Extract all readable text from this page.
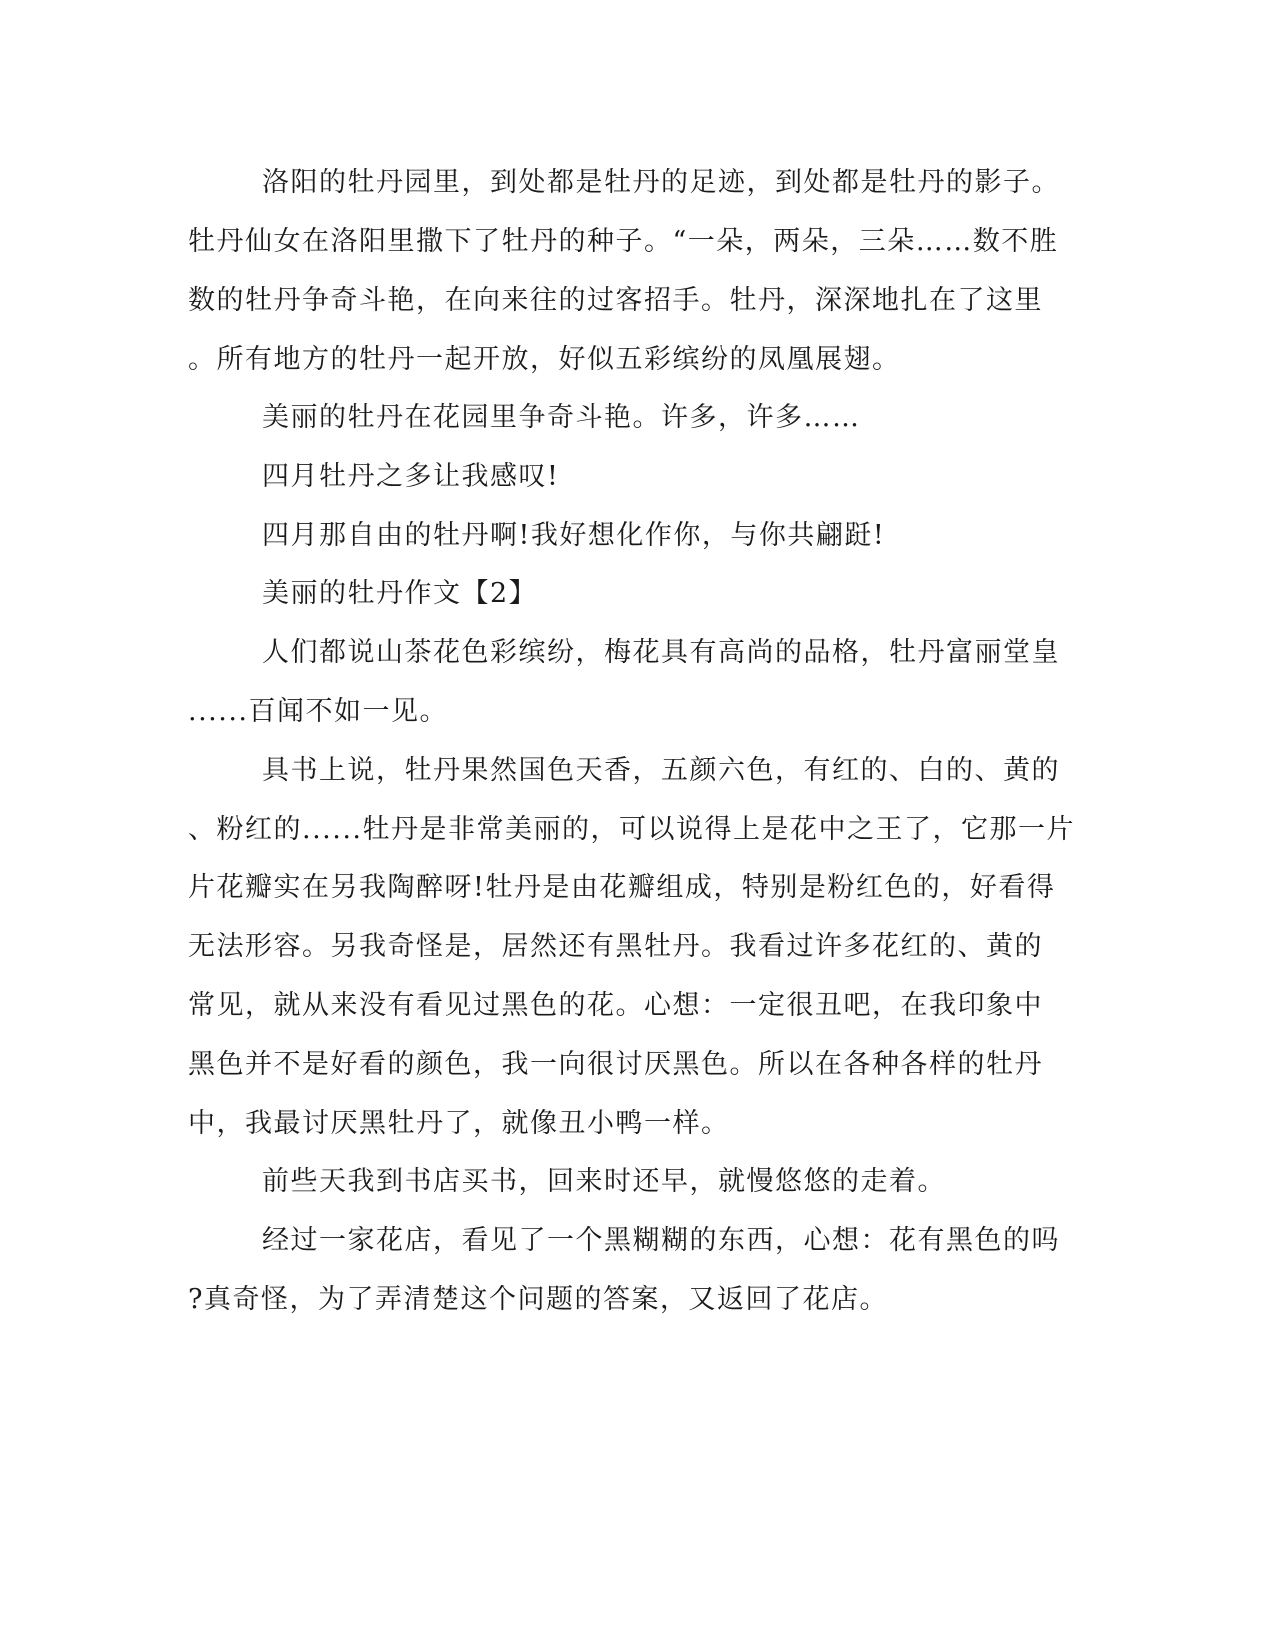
洛阳的牡丹园里，到处都是牡丹的足迹，到处都是牡丹的影子。
牡丹仙女在洛阳里撒下了牡丹的种子。“一朵，两朵，三朵……数不胜
数的牡丹争奇斗艳，在向来往的过客招手。牡丹，深深地扎在了这里
。所有地方的牡丹一起开放，好似五彩缤纷的凤凰展翅。
美丽的牡丹在花园里争奇斗艳。许多，许多……
四月牡丹之多让我感叹!
四月那自由的牡丹啊!我好想化作你，与你共翩跹!
美丽的牡丹作文【2】
人们都说山茶花色彩缤纷，梅花具有高尚的品格，牡丹富丽堂皇
......百闻不如一见。
具书上说，牡丹果然国色天香，五颜六色，有红的、白的、黄的
、粉红的......牡丹是非常美丽的，可以说得上是花中之王了，它那一片
片花瓣实在另我陶醉呀!牡丹是由花瓣组成，特别是粉红色的，好看得
无法形容。另我奇怪是，居然还有黑牡丹。我看过许多花红的、黄的
常见，就从来没有看见过黑色的花。心想：一定很丑吧，在我印象中
黑色并不是好看的颜色，我一向很讨厌黑色。所以在各种各样的牡丹
中，我最讨厌黑牡丹了，就像丑小鸭一样。
前些天我到书店买书，回来时还早，就慢悠悠的走着。
经过一家花店，看见了一个黑糊糊的东西，心想：花有黑色的吗
?真奇怪，为了弄清楚这个问题的答案，又返回了花店。
